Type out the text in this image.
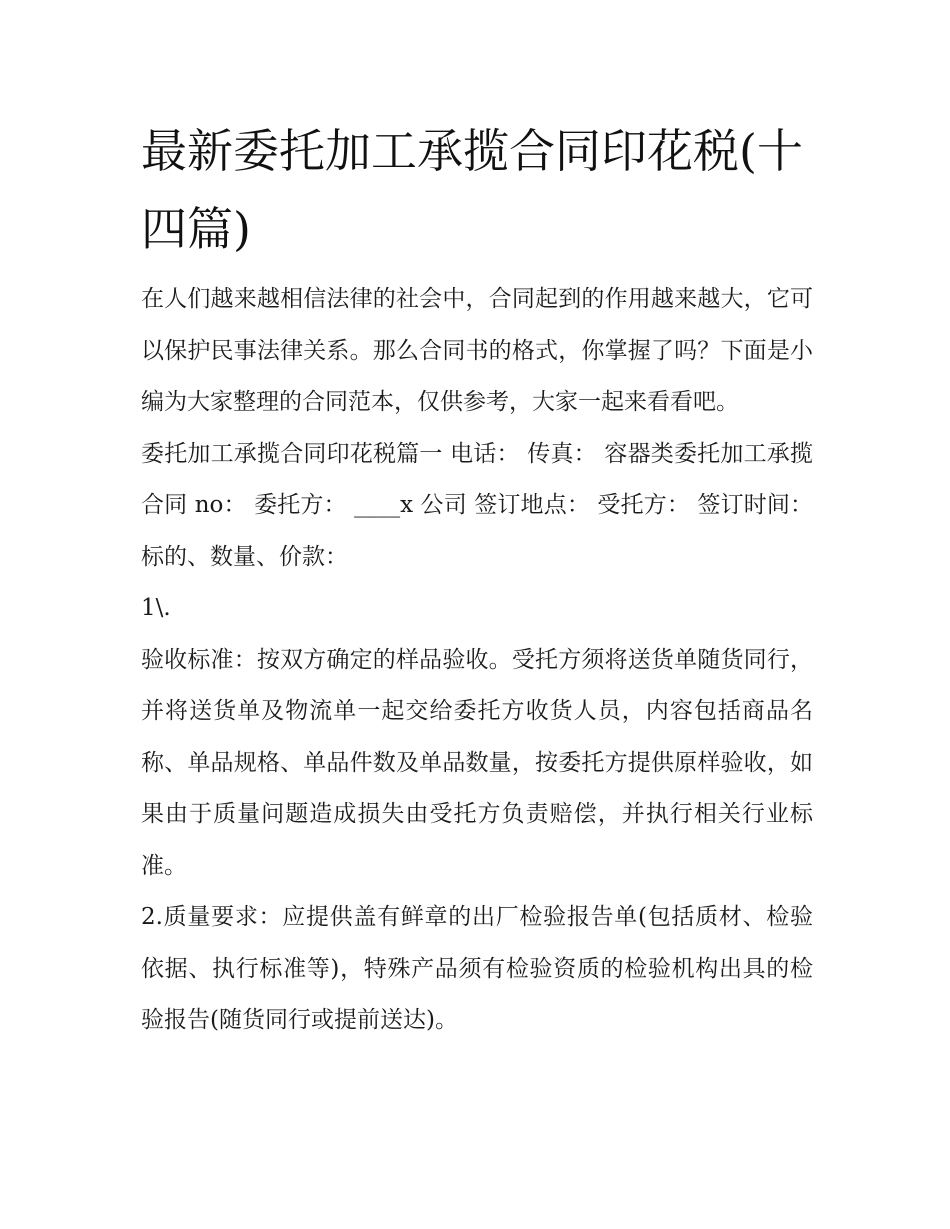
最新委托加工承揽合同印花税(十四篇)

在人们越来越相信法律的社会中，合同起到的作用越来越大，它可以保护民事法律关系。那么合同书的格式，你掌握了吗？下面是小编为大家整理的合同范本，仅供参考，大家一起来看看吧。

委托加工承揽合同印花税篇一 电话： 传真： 容器类委托加工承揽合同 no： 委托方： ____x 公司 签订地点： 受托方： 签订时间： 标的、数量、价款：

1\.

验收标准：按双方确定的样品验收。受托方须将送货单随货同行，并将送货单及物流单一起交给委托方收货人员，内容包括商品名称、单品规格、单品件数及单品数量，按委托方提供原样验收，如果由于质量问题造成损失由受托方负责赔偿，并执行相关行业标准。

2.质量要求：应提供盖有鲜章的出厂检验报告单(包括质材、检验依据、执行标准等)，特殊产品须有检验资质的检验机构出具的检验报告(随货同行或提前送达)。
